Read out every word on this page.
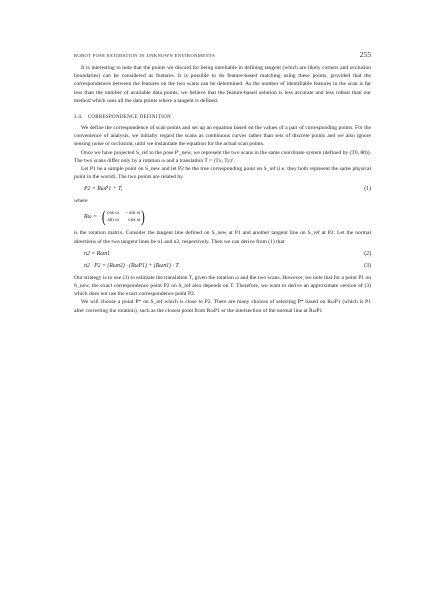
ROBOT POSE ESTIMATION IN UNKNOWN ENVIRONMENTS	255

It is interesting to note that the points we discard for being unreliable in defining tangent (which are likely corners and occlusion boundaries) can be considered as features. It is possible to do feature-based matching using these points, provided that the correspondences between the features on the two scans can be determined. As the number of identifiable features in the scan is far less than the number of available data points, we believe that the feature-based solution is less accurate and less robust than our method which uses all the data points where a tangent is defined.

3.4. CORRESPONDENCE DEFINITION

We define the correspondence of scan points and set up an equation based on the values of a pair of corresponding points. For the convenience of analysis, we initially regard the scans as continuous curves rather than sets of discrete points and we also ignore sensing noise or occlusion, until we instantiate the equation for the actual scan points.

Once we have projected S_ref to the pose P'_new, we represent the two scans in the same coordinate system (defined by (T0, θ0)). The two scans differ only by a rotation ω and a translation T = (Tx, Ty)ᵀ.

Let P1 be a sample point on S_new and let P2 be the true corresponding point on S_ref (i.e. they both represent the same physical point in the world). The two points are related by

P2 = RωP1 + T,	(1)
where
Rω = ( cos ω − sin ω
sin ω	cos ω )

is the rotation matrix. Consider the tangent line defined on S_new at P1 and another tangent line on S_ref at P2. Let the normal directions of the two tangent lines be n1 and n2, respectively. Then we can derive from (1) that

n2 = Rωn1	(2)
n2 · P2 = (Rωn2) · (RωP1) + (Rωn1) · T.	(3)

Our strategy is to use (3) to estimate the translation T, given the rotation ω and the two scans. However, we note that for a point P1 on S_new, the exact correspondence point P2 on S_ref also depends on T. Therefore, we want to derive an approximate version of (3) which does not use the exact correspondence point P2.

We will choose a point P* on S_ref which is close to P2. There are many choices of selecting P* based on RωP1 (which is P1 after correcting the rotation), such as the closest point from RωP1 or the intersection of the normal line at RωP1
